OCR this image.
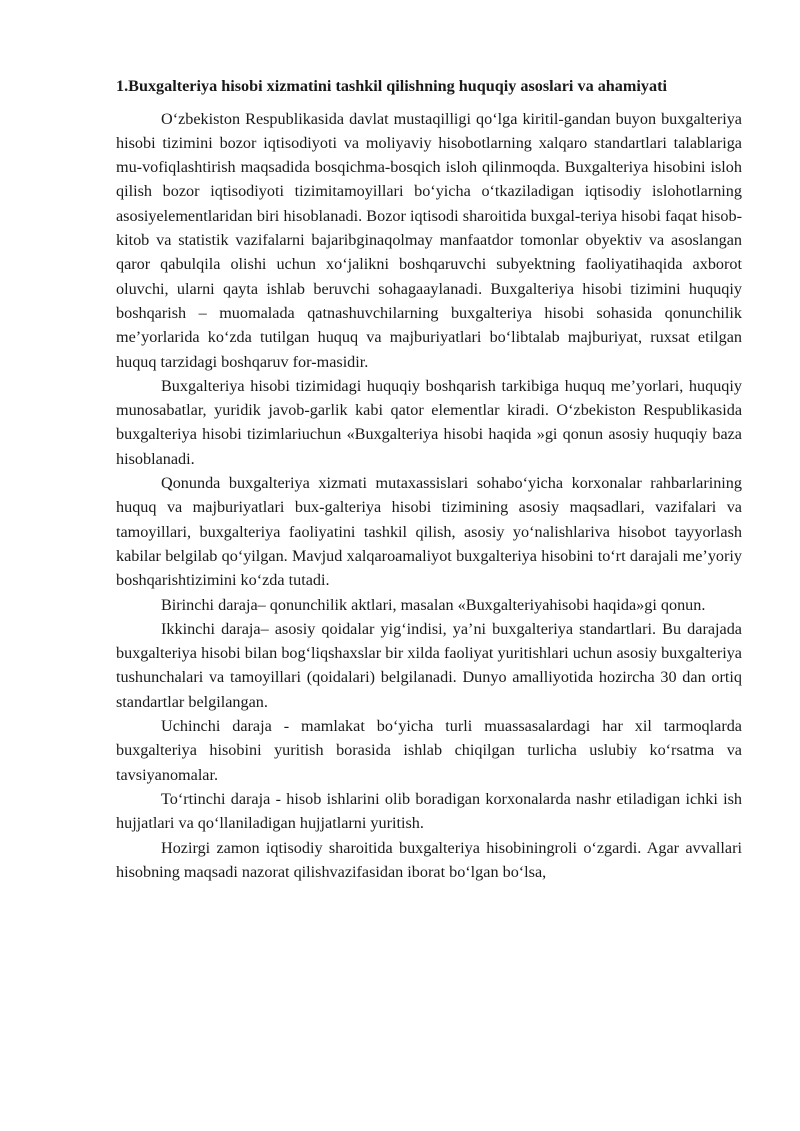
1.Buxgalteriya hisobi xizmatini tashkil qilishning huquqiy asoslari va ahamiyati

O‘zbekiston Respublikasida davlat mustaqilligi qo‘lga kiritil-gandan buyon buxgalteriya hisobi tizimini bozor iqtisodiyoti va moliyaviy hisobotlarning xalqaro standartlari talablariga mu-vofiqlashtirish maqsadida bosqichma-bosqich isloh qilinmoqda. Buxgalteriya hisobini isloh qilish bozor iqtisodiyoti tizimitamoyillari bo‘yicha o‘tkaziladigan iqtisodiy islohotlarning asosiyelementlaridan biri hisoblanadi. Bozor iqtisodi sharoitida buxgal-teriya hisobi faqat hisob-kitob va statistik vazifalarni bajaribginaqolmay manfaatdor tomonlar obyektiv va asoslangan qaror qabulqila olishi uchun xo‘jalikni boshqaruvchi subyektning faoliyatihaqida axborot oluvchi, ularni qayta ishlab beruvchi sohagaaylanadi. Buxgalteriya hisobi tizimini huquqiy boshqarish – muomalada qatnashuvchilarning buxgalteriya hisobi sohasida qonunchilik me’yorlarida ko‘zda tutilgan huquq va majburiyatlari bo‘libtalab majburiyat, ruxsat etilgan huquq tarzidagi boshqaruv for-masidir.

Buxgalteriya hisobi tizimidagi huquqiy boshqarish tarkibiga huquq me’yorlari, huquqiy munosabatlar, yuridik javob-garlik kabi qator elementlar kiradi. O‘zbekiston Respublikasida buxgalteriya hisobi tizimlariuchun «Buxgalteriya hisobi haqida »gi qonun asosiy huquqiy baza hisoblanadi.

Qonunda buxgalteriya xizmati mutaxassislari sohabo‘yicha korxonalar rahbarlarining huquq va majburiyatlari bux-galteriya hisobi tizimining asosiy maqsadlari, vazifalari va tamoyillari, buxgalteriya faoliyatini tashkil qilish, asosiy yo‘nalishlariva hisobot tayyorlash kabilar belgilab qo‘yilgan. Mavjud xalqaroamaliyot buxgalteriya hisobini to‘rt darajali me’yoriy boshqarishtizimini ko‘zda tutadi.

Birinchi daraja– qonunchilik aktlari, masalan «Buxgalteriyahisobi haqida»gi qonun.

Ikkinchi daraja– asosiy qoidalar yig‘indisi, ya’ni buxgalteriya standartlari. Bu darajada buxgalteriya hisobi bilan bog‘liqshaxslar bir xilda faoliyat yuritishlari uchun asosiy buxgalteriya tushunchalari va tamoyillari (qoidalari) belgilanadi. Dunyo amalliyotida hozircha 30 dan ortiq standartlar belgilangan.

Uchinchi daraja - mamlakat bo‘yicha turli muassasalardagi har xil tarmoqlarda buxgalteriya hisobini yuritish borasida ishlab chiqilgan turlicha uslubiy ko‘rsatma va tavsiyanomalar.

To‘rtinchi daraja - hisob ishlarini olib boradigan korxonalarda nashr etiladigan ichki ish hujjatlari va qo‘llaniladigan hujjatlarni yuritish.

Hozirgi zamon iqtisodiy sharoitida buxgalteriya hisobiningroli o‘zgardi. Agar avvallari hisobning maqsadi nazorat qilishvazifasidan iborat bo‘lgan bo‘lsa,
